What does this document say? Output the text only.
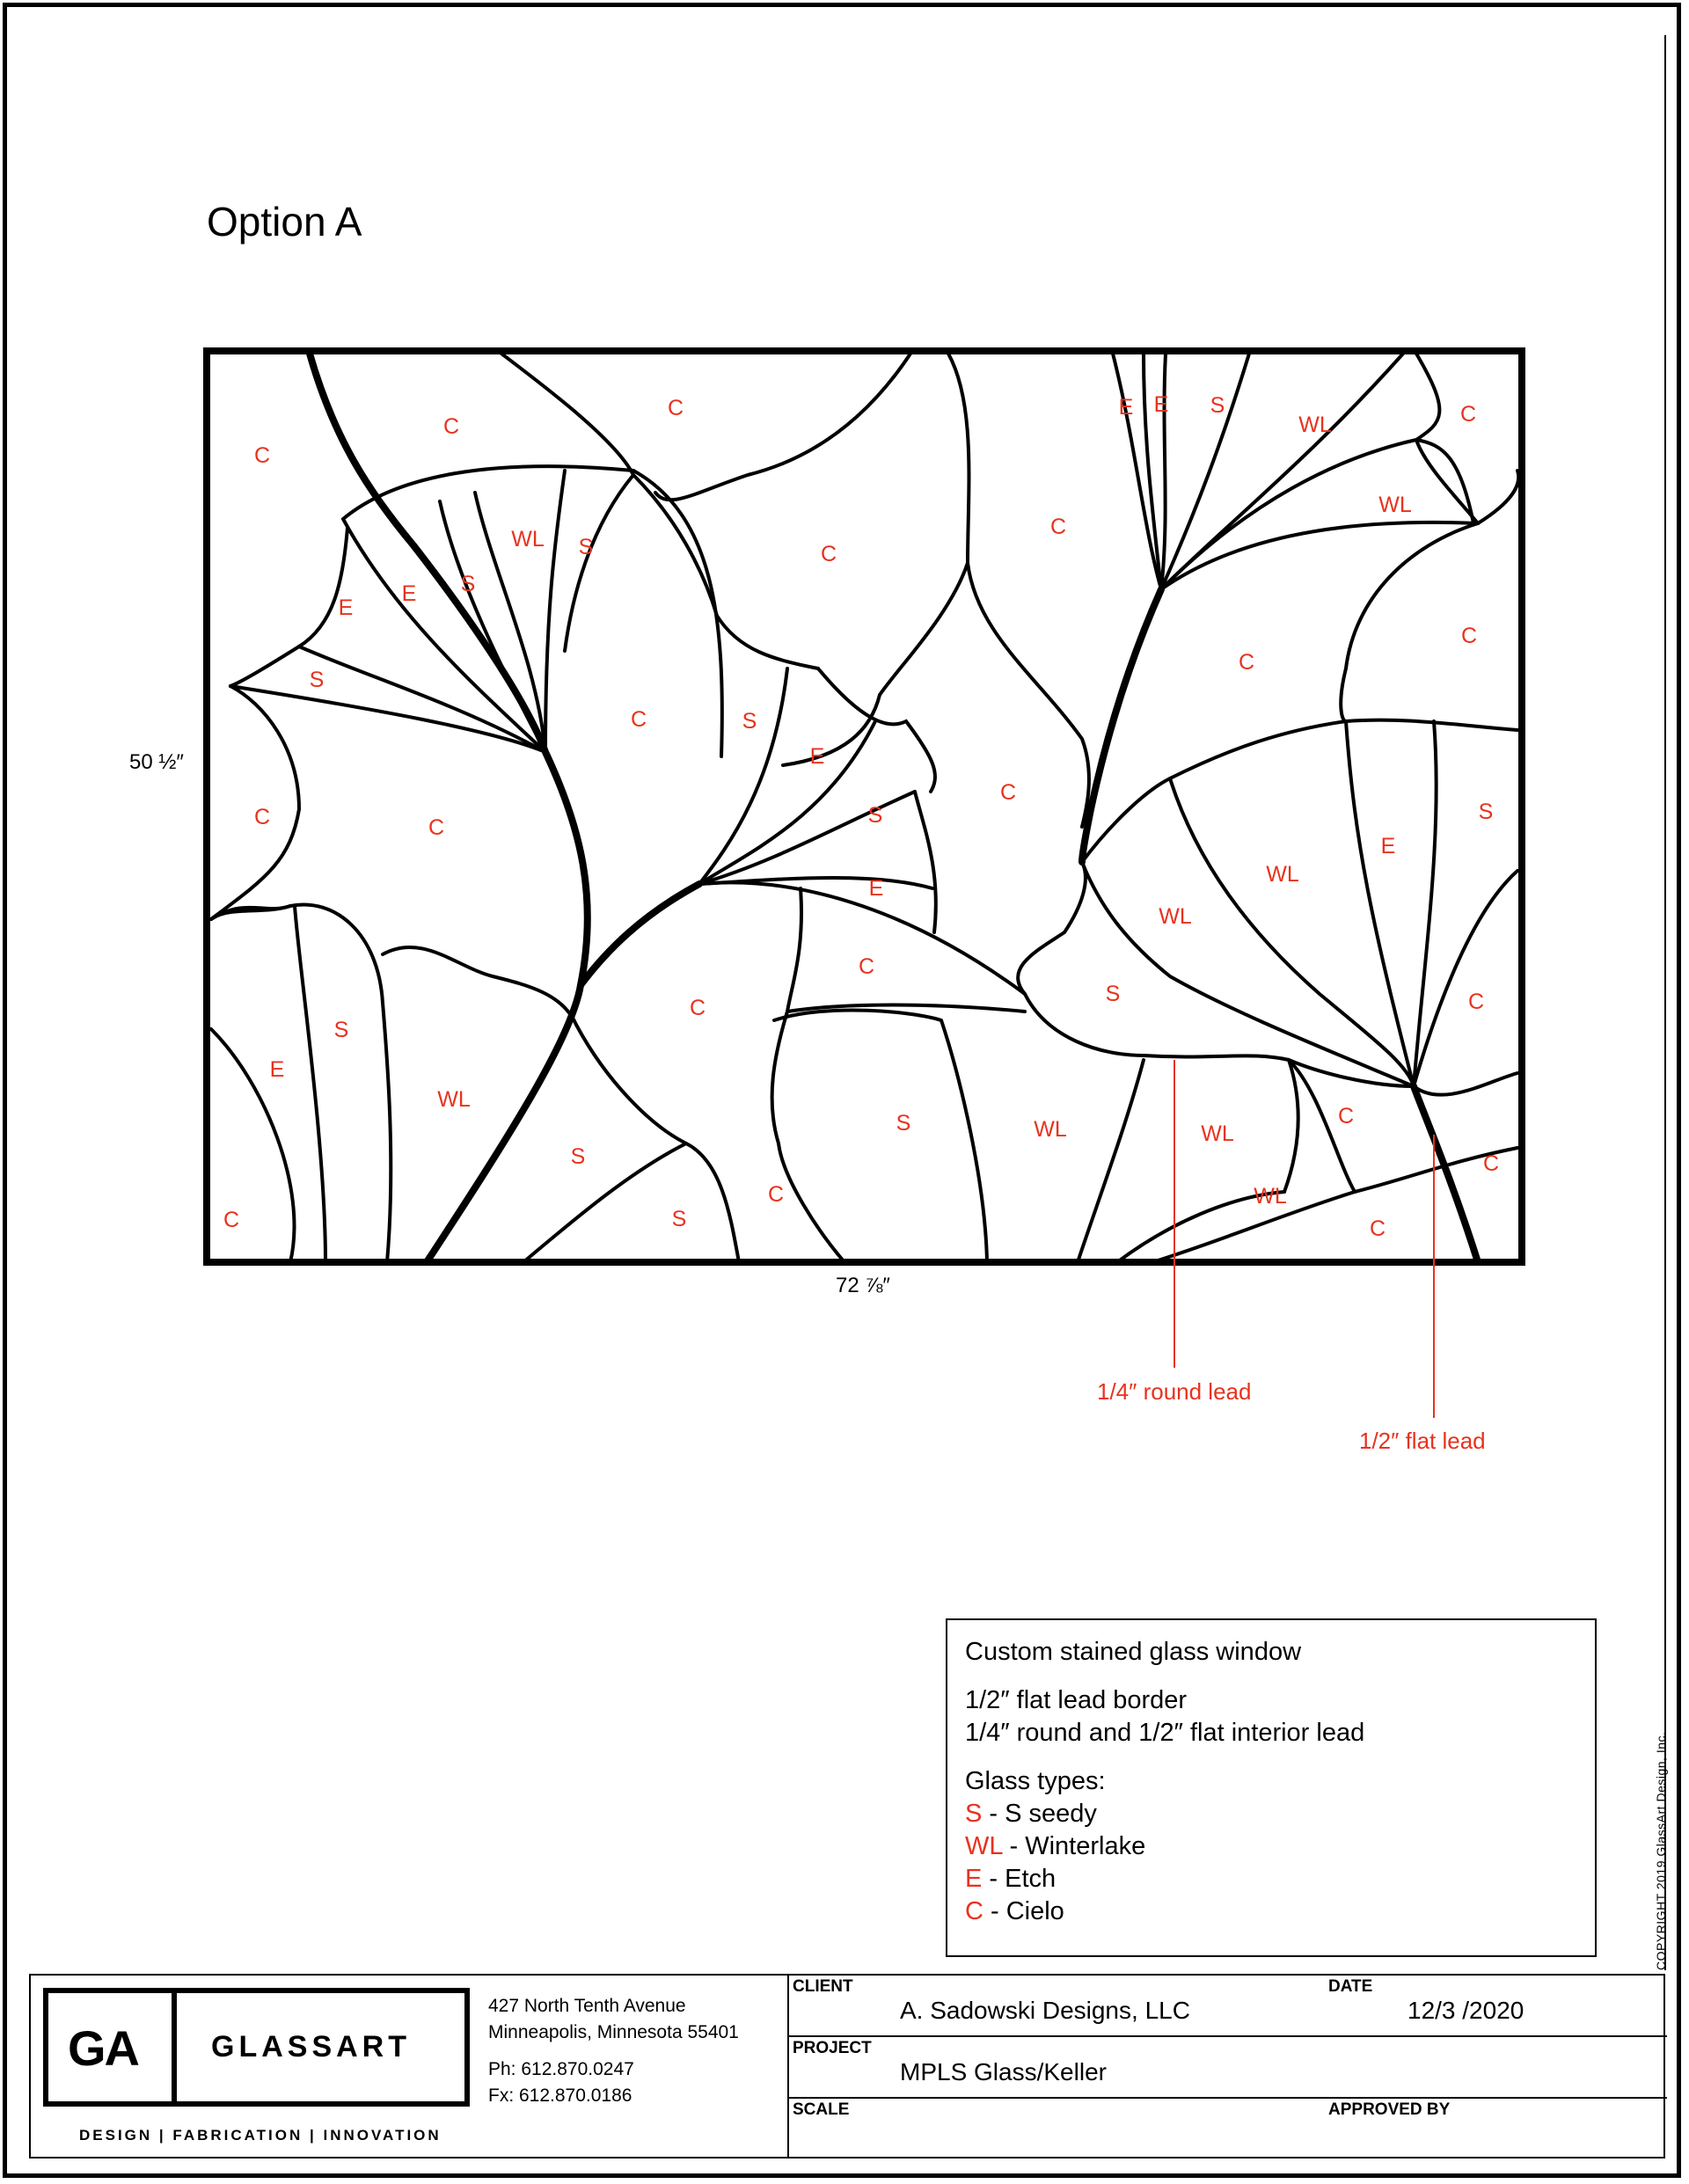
COPYRIGHT 2019 GlassArt Design, Inc.
Option A
C
C
C
WL S
E
E S
S
C
C	S
E
C
E E S
WL	C
WL
C
C
C	C	S
C
E
E
S
WL
WL
C
C
S
E
WL
S	C
S
S	WL	WL
C
C	WL
C
C	S	C
72 ⅞″
50 ½″
1/4″ round lead
1/2″ flat lead
Custom stained glass window
1/2″ flat lead border
1/4″ round and 1/2″ flat interior lead
Glass types:
S - S seedy
WL - Winterlake
E - Etch
C - Cielo
GA GLASSART
DESIGN | FABRICATION | INNOVATION
427 North Tenth Avenue
Minneapolis, Minnesota 55401
Ph: 612.870.0247
Fx: 612.870.0186
CLIENT
A. Sadowski Designs, LLC
DATE
12/3 /2020
PROJECT
MPLS Glass/Keller
SCALE	APPROVED BY
